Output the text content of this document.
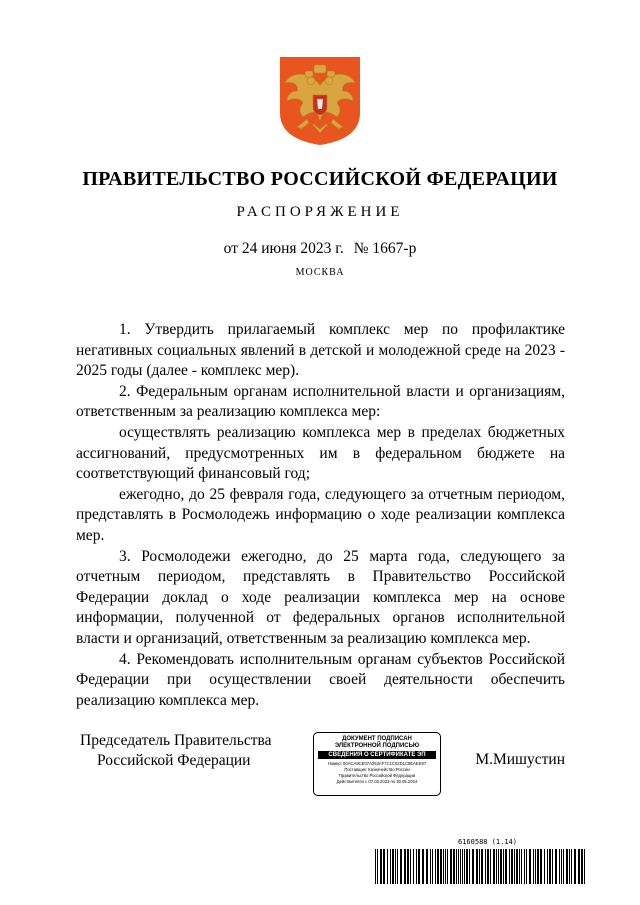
ПРАВИТЕЛЬСТВО РОССИЙСКОЙ ФЕДЕРАЦИИ
РАСПОРЯЖЕНИЕ
от 24 июня 2023 г. № 1667-р
МОСКВА

1. Утвердить прилагаемый комплекс мер по профилактике негативных социальных явлений в детской и молодежной среде на 2023 - 2025 годы (далее - комплекс мер).

2. Федеральным органам исполнительной власти и организациям, ответственным за реализацию комплекса мер:

осуществлять реализацию комплекса мер в пределах бюджетных ассигнований, предусмотренных им в федеральном бюджете на соответствующий финансовый год;

ежегодно, до 25 февраля года, следующего за отчетным периодом, представлять в Росмолодежь информацию о ходе реализации комплекса мер.

3. Росмолодежи ежегодно, до 25 марта года, следующего за отчетным периодом, представлять в Правительство Российской Федерации доклад о ходе реализации комплекса мер на основе информации, полученной от федеральных органов исполнительной власти и организаций, ответственным за реализацию комплекса мер.

4. Рекомендовать исполнительным органам субъектов Российской Федерации при осуществлении своей деятельности обеспечить реализацию комплекса мер.

Председатель Правительства
Российской Федерации
ДОКУМЕНТ ПОДПИСАН
ЭЛЕКТРОННОЙ ПОДПИСЬЮ
СВЕДЕНИЯ О СЕРТИФИКАТЕ ЭП
Номер: 00ACA9CE07A253AF7C1C02D1C9EAEE97
Поставщик: Казначейство России
Правительство Российской Федерации
Действителен с 07.03.2023 по 30.05.2024
М.Мишустин
6160588 (1.14)
